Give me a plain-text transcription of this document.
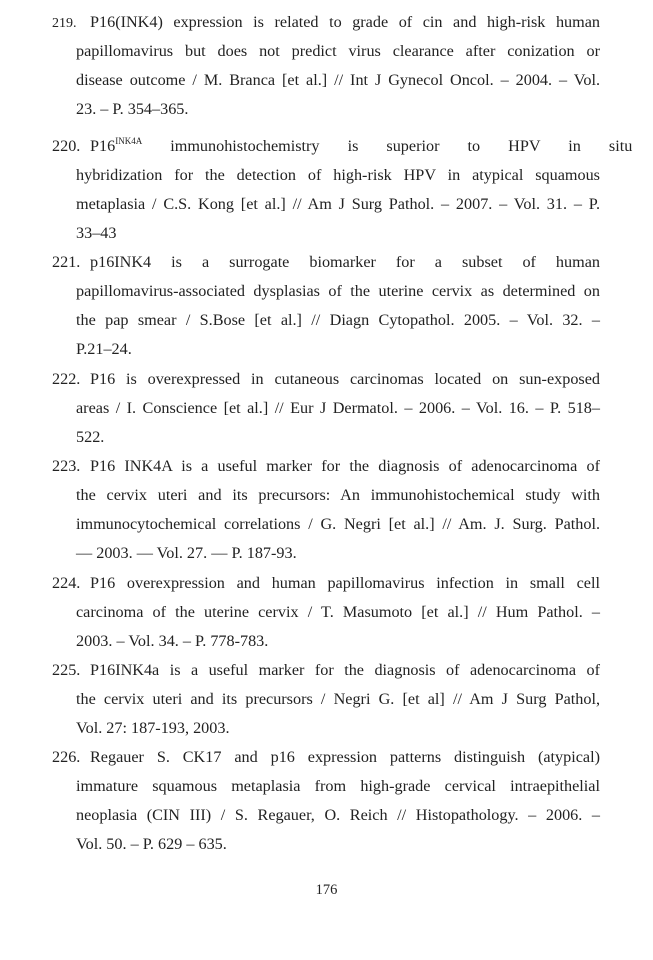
219. P16(INK4) expression is related to grade of cin and high-risk human
papillomavirus but does not predict virus clearance after conization or
disease outcome / M. Branca [et al.] // Int J Gynecol Oncol. – 2004. – Vol.
23. – P. 354–365.
220. $P16^{INK4A}$ immunohistochemistry is superior to HPV in situ
hybridization for the detection of high-risk HPV in atypical squamous
metaplasia / C.S. Kong [et al.] // Am J Surg Pathol. – 2007. – Vol. 31. – P.
33–43
221. p16INK4 is a surrogate biomarker for a subset of human
papillomavirus-associated dysplasias of the uterine cervix as determined on
the pap smear / S.Bose [et al.] // Diagn Cytopathol. 2005. – Vol. 32. –
P.21–24.
222. P16 is overexpressed in cutaneous carcinomas located on sun-exposed
areas / I. Conscience [et al.] // Eur J Dermatol. – 2006. – Vol. 16. – P. 518–
522.
223. P16 INK4A is a useful marker for the diagnosis of adenocarcinoma of
the cervix uteri and its precursors: An immunohistochemical study with
immunocytochemical correlations / G. Negri [et al.] // Am. J. Surg. Pathol.
— 2003. — Vol. 27. — P. 187-93.
224. P16 overexpression and human papillomavirus infection in small cell
carcinoma of the uterine cervix / T. Masumoto [et al.] // Hum Pathol. –
2003. – Vol. 34. – P. 778-783.
225. P16INK4a is a useful marker for the diagnosis of adenocarcinoma of
the cervix uteri and its precursors / Negri G. [et al] // Am J Surg Pathol,
Vol. 27: 187-193, 2003.
226. Regauer S. CK17 and p16 expression patterns distinguish (atypical)
immature squamous metaplasia from high-grade cervical intraepithelial
neoplasia (CIN III) / S. Regauer, O. Reich // Histopathology. – 2006. –
Vol. 50. – P. 629 – 635.
176
